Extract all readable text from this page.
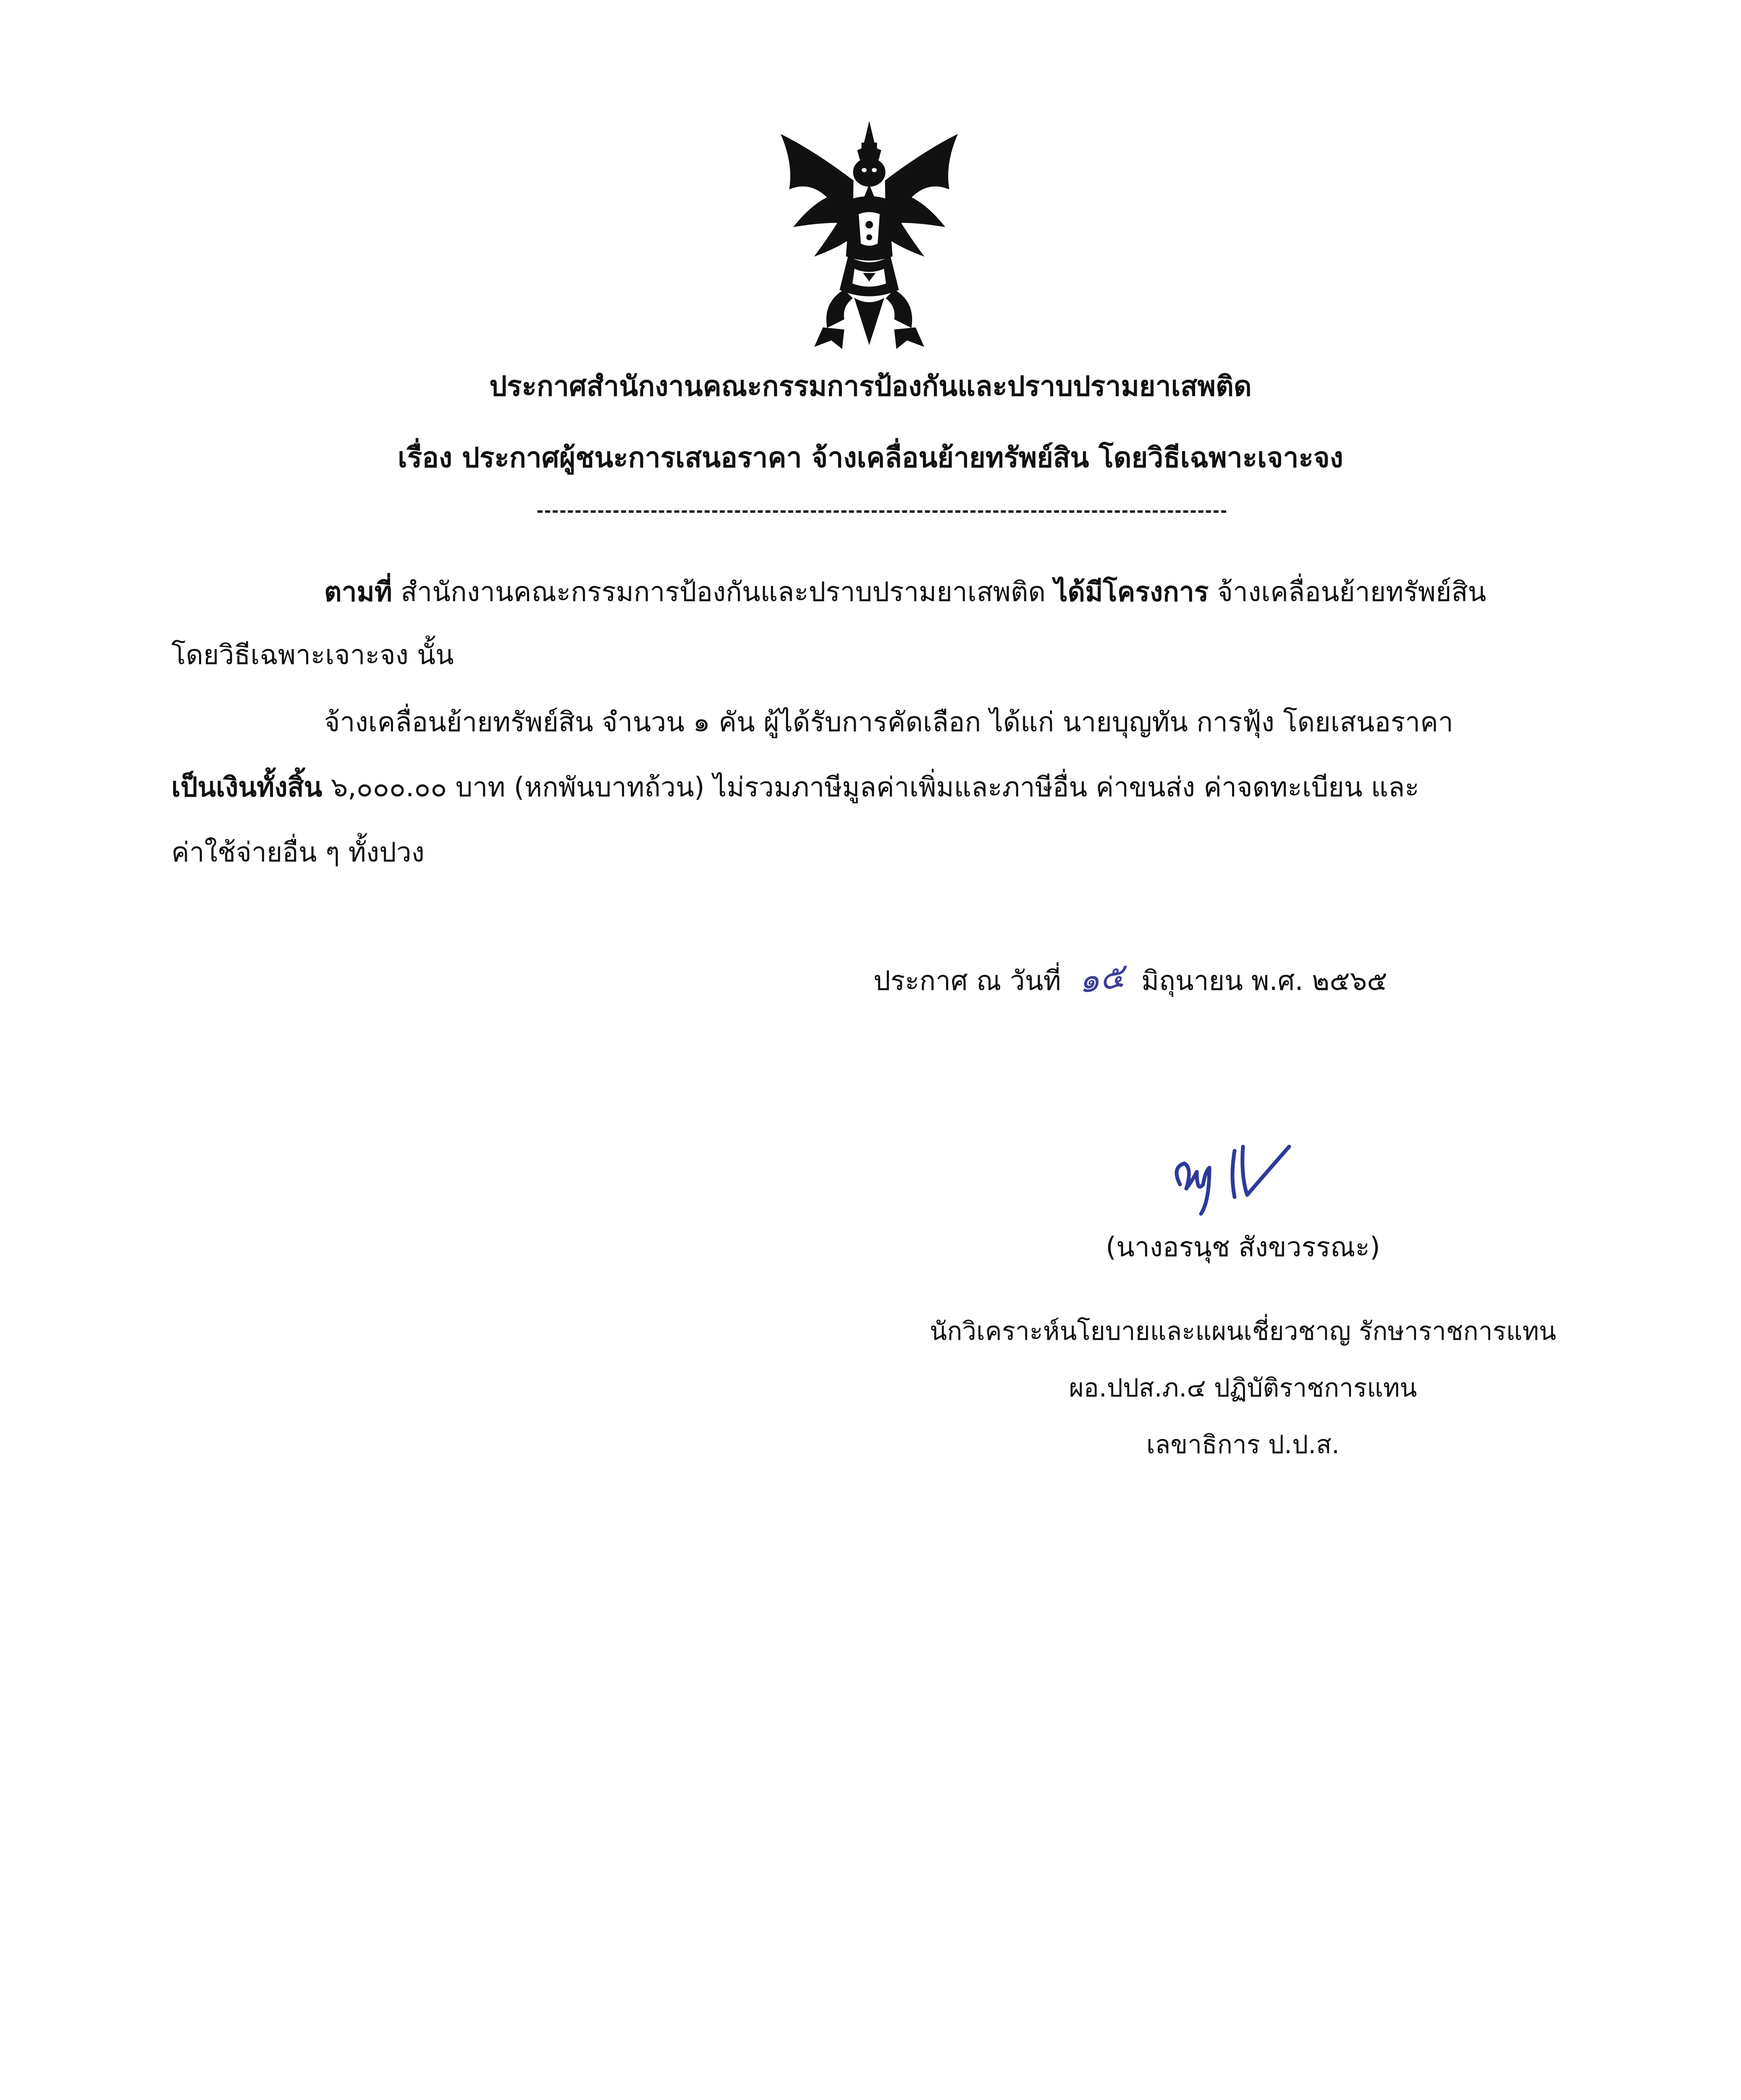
ประกาศสำนักงานคณะกรรมการป้องกันและปราบปรามยาเสพติด
เรื่อง ประกาศผู้ชนะการเสนอราคา จ้างเคลื่อนย้ายทรัพย์สิน โดยวิธีเฉพาะเจาะจง
ตามที่ สำนักงานคณะกรรมการป้องกันและปราบปรามยาเสพติด ได้มีโครงการ จ้างเคลื่อนย้ายทรัพย์สิน
โดยวิธีเฉพาะเจาะจง นั้น
จ้างเคลื่อนย้ายทรัพย์สิน จำนวน ๑ คัน ผู้ได้รับการคัดเลือก ได้แก่ นายบุญทัน การฟุ้ง โดยเสนอราคา
เป็นเงินทั้งสิ้น ๖,๐๐๐.๐๐ บาท (หกพันบาทถ้วน) ไม่รวมภาษีมูลค่าเพิ่มและภาษีอื่น ค่าขนส่ง ค่าจดทะเบียน และ
ค่าใช้จ่ายอื่น ๆ ทั้งปวง
ประกาศ ณ วันที่ ๑๕ มิถุนายน พ.ศ. ๒๕๖๕
(นางอรนุช สังขวรรณะ)
นักวิเคราะห์นโยบายและแผนเชี่ยวชาญ รักษาราชการแทน
ผอ.ปปส.ภ.๔ ปฏิบัติราชการแทน
เลขาธิการ ป.ป.ส.
